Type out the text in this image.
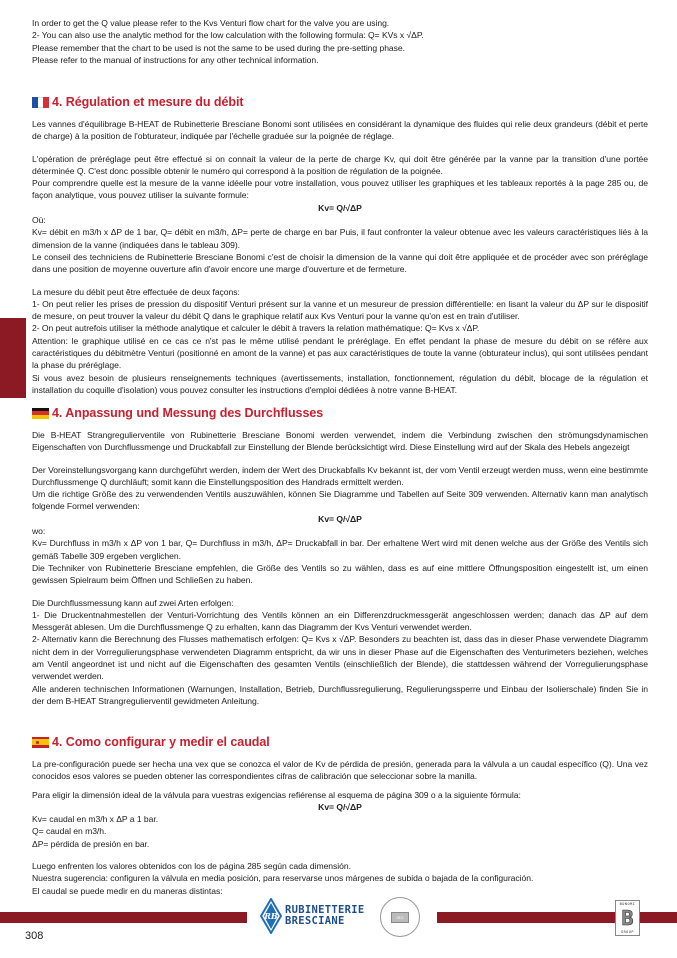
In order to get the Q value please refer to the Kvs Venturi flow chart for the valve you are using.

2- You can also use the analytic method for the low calculation with the following formula: Q= KVs x √ΔP.

Please remember that the chart to be used is not the same to be used during the pre-setting phase.

Please refer to the manual of instructions for any other technical information.

4. Régulation et mesure du débit

Les vannes d'équilibrage B-HEAT de Rubinetterie Bresciane Bonomi sont utilisées en considérant la dynamique des fluides qui relie deux grandeurs (débit et perte de charge) à la position de l'obturateur, indiquée par l'échelle graduée sur la poignée de réglage.

L'opération de préréglage peut être effectué si on connait la valeur de la perte de charge Kv, qui doit être générée par la vanne par la transition d'une portée déterminée Q. C'est donc possible obtenir le numéro qui correspond à la position de régulation de la poignée.

Pour comprendre quelle est la mesure de la vanne idéelle pour votre installation, vous pouvez utiliser les graphiques et les tableaux reportés à la page 285 ou, de façon analytique, vous pouvez utiliser la suivante formule:

Kv= Q/√ΔP

Où:

Kv= débit en m3/h x ΔP de 1 bar, Q= débit en m3/h, ΔP= perte de charge en bar Puis, il faut confronter la valeur obtenue avec les valeurs caractéristiques liés à la dimension de la vanne (indiquées dans le tableau 309).

Le conseil des techniciens de Rubinetterie Bresciane Bonomi c'est de choisir la dimension de la vanne qui doit être appliquée et de procéder avec son préréglage dans une position de moyenne ouverture afin d'avoir encore une marge d'ouverture et de fermeture.

La mesure du débit peut être effectuée de deux façons:

1- On peut relier les prises de pression du dispositif Venturi présent sur la vanne et un mesureur de pression différentielle: en lisant la valeur du ΔP sur le dispositif de mesure, on peut trouver la valeur du débit Q dans le graphique relatif aux Kvs Venturi pour la vanne qu'on est en train d'utiliser.

2- On peut autrefois utiliser la méthode analytique et calculer le débit à travers la relation mathématique: Q= Kvs x √ΔP.

Attention: le graphique utilisé en ce cas ce n'st pas le même utilisé pendant le préréglage. En effet pendant la phase de mesure du débit on se réfère aux caractéristiques du débitmètre Venturi (positionné en amont de la vanne) et pas aux caractéristiques de toute la vanne (obturateur inclus), qui sont utilisées pendant la phase du préréglage.

Si vous avez besoin de plusieurs renseignements techniques (avertissements, installation, fonctionnement, régulation du débit, blocage de la régulation et installation du coquille d'isolation) vous pouvez consulter les instructions d'emploi dédiées à notre vanne B-HEAT.

4. Anpassung und Messung des Durchflusses

Die B-HEAT Strangregulierventile von Rubinetterie Bresciane Bonomi werden verwendet, indem die Verbindung zwischen den strömungsdynamischen Eigenschaften von Durchflussmenge und Druckabfall zur Einstellung der Blende berücksichtigt wird. Diese Einstellung wird auf der Skala des Hebels angezeigt

Der Voreinstellungsvorgang kann durchgeführt werden, indem der Wert des Druckabfalls Kv bekannt ist, der vom Ventil erzeugt werden muss, wenn eine bestimmte Durchflussmenge Q durchläuft; somit kann die Einstellungsposition des Handrads ermittelt werden.

Um die richtige Größe des zu verwendenden Ventils auszuwählen, können Sie Diagramme und Tabellen auf Seite 309 verwenden. Alternativ kann man analytisch folgende Formel verwenden:

Kv= Q/√ΔP

wo:

Kv= Durchfluss in m3/h x ΔP von 1 bar, Q= Durchfluss in m3/h, ΔP= Druckabfall in bar. Der erhaltene Wert wird mit denen welche aus der Größe des Ventils sich gemäß Tabelle 309 ergeben verglichen.

Die Techniker von Rubinetterie Bresciane empfehlen, die Größe des Ventils so zu wählen, dass es auf eine mittlere Öffnungsposition eingestellt ist, um einen gewissen Spielraum beim Öffnen und Schließen zu haben.

Die Durchflussmessung kann auf zwei Arten erfolgen:

1- Die Druckentnahmestellen der Venturi-Vorrichtung des Ventils können an ein Differenzdruckmessgerät angeschlossen werden; danach das ΔP auf dem Messgerät ablesen. Um die Durchflussmenge Q zu erhalten, kann das Diagramm der Kvs Venturi verwendet werden.

2- Alternativ kann die Berechnung des Flusses mathematisch erfolgen: Q= Kvs x √ΔP. Besonders zu beachten ist, dass das in dieser Phase verwendete Diagramm nicht dem in der Vorregulierungsphase verwendeten Diagramm entspricht, da wir uns in dieser Phase auf die Eigenschaften des Venturimeters beziehen, welches am Ventil angeordnet ist und nicht auf die Eigenschaften des gesamten Ventils (einschließlich der Blende), die stattdessen während der Vorregulierungsphase verwendet werden.

Alle anderen technischen Informationen (Warnungen, Installation, Betrieb, Durchflussregulierung, Regulierungssperre und Einbau der Isolierschale) finden Sie in der dem B-HEAT Strangregulierventil gewidmeten Anleitung.

4. Como configurar y medir el caudal

La pre-configuración puede ser hecha una vex que se conozca el valor de Kv de pérdida de presión, generada para la válvula a un caudal específico (Q). Una vez conocidos esos valores se pueden obtener las correspondientes cifras de calibración que seleccionar sobre la manilla.

Para eligir la dimensión ideal de la válvula para vuestras exigencias refiérense al esquema de página 309 o a la siguiente fórmula:

Kv= Q/√ΔP

Kv= caudal en m3/h x ΔP a 1 bar.

Q= caudal en m3/h.

ΔP= pérdida de presión en bar.

Luego enfrenten los valores obtenidos con los de página 285 según cada dimensión.

Nuestra sugerencia: configuren la válvula en media posición, para reservarse unos márgenes de subida o bajada de la configuración.

El caudal se puede medir en du maneras distintas:

308
RB RUBINETTERIE
BRESCIANE	ISO
BONOMI
B
GROUP
